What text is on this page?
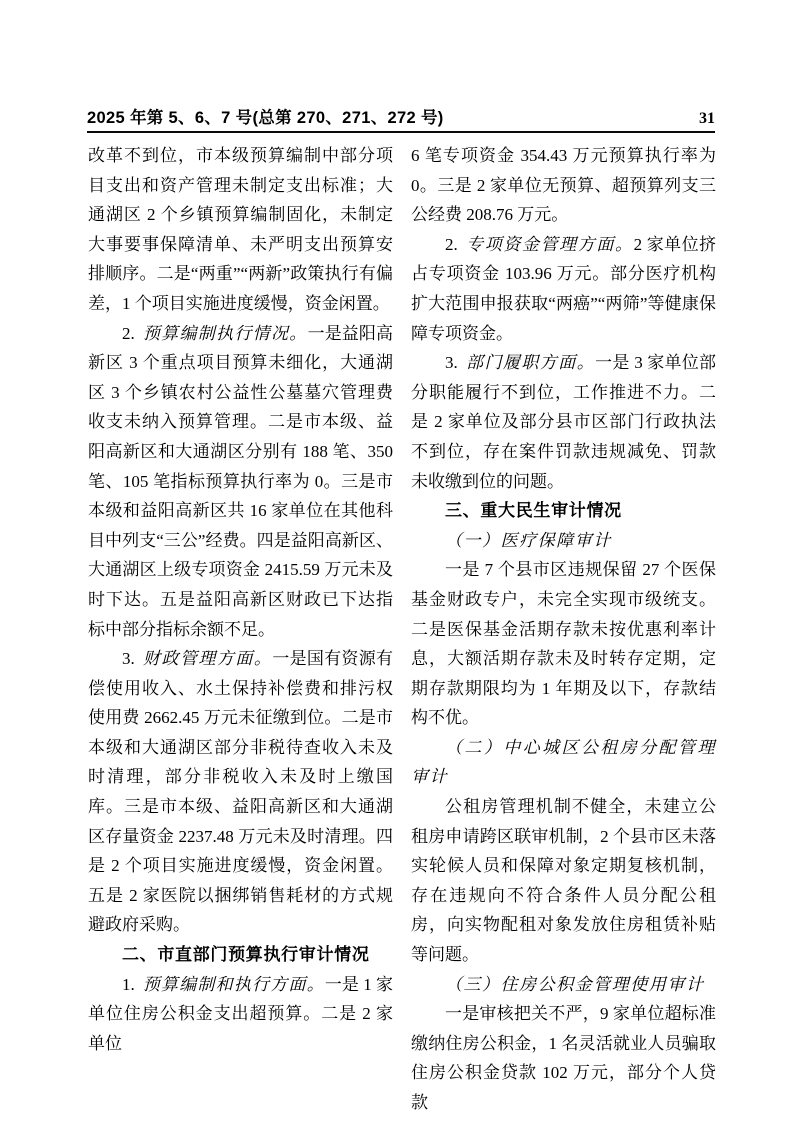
2025 年第 5、6、7 号(总第 270、271、272 号)	31

改革不到位，市本级预算编制中部分项目支出和资产管理未制定支出标准；大通湖区 2 个乡镇预算编制固化，未制定大事要事保障清单、未严明支出预算安排顺序。二是“两重”“两新”政策执行有偏差，1 个项目实施进度缓慢，资金闲置。

2. 预算编制执行情况。一是益阳高新区 3 个重点项目预算未细化，大通湖区 3 个乡镇农村公益性公墓墓穴管理费收支未纳入预算管理。二是市本级、益阳高新区和大通湖区分别有 188 笔、350 笔、105 笔指标预算执行率为 0。三是市本级和益阳高新区共 16 家单位在其他科目中列支“三公”经费。四是益阳高新区、大通湖区上级专项资金 2415.59 万元未及时下达。五是益阳高新区财政已下达指标中部分指标余额不足。

3. 财政管理方面。一是国有资源有偿使用收入、水土保持补偿费和排污权使用费 2662.45 万元未征缴到位。二是市本级和大通湖区部分非税待查收入未及时清理，部分非税收入未及时上缴国库。三是市本级、益阳高新区和大通湖区存量资金 2237.48 万元未及时清理。四是 2 个项目实施进度缓慢，资金闲置。五是 2 家医院以捆绑销售耗材的方式规避政府采购。

二、市直部门预算执行审计情况

1. 预算编制和执行方面。一是 1 家单位住房公积金支出超预算。二是 2 家单位

6 笔专项资金 354.43 万元预算执行率为 0。三是 2 家单位无预算、超预算列支三公经费 208.76 万元。

2. 专项资金管理方面。2 家单位挤占专项资金 103.96 万元。部分医疗机构扩大范围申报获取“两癌”“两筛”等健康保障专项资金。

3. 部门履职方面。一是 3 家单位部分职能履行不到位，工作推进不力。二是 2 家单位及部分县市区部门行政执法不到位，存在案件罚款违规减免、罚款未收缴到位的问题。

三、重大民生审计情况

（一）医疗保障审计

一是 7 个县市区违规保留 27 个医保基金财政专户，未完全实现市级统支。二是医保基金活期存款未按优惠利率计息，大额活期存款未及时转存定期，定期存款期限均为 1 年期及以下，存款结构不优。

（二）中心城区公租房分配管理审计

公租房管理机制不健全，未建立公租房申请跨区联审机制，2 个县市区未落实轮候人员和保障对象定期复核机制，存在违规向不符合条件人员分配公租房，向实物配租对象发放住房租赁补贴等问题。

（三）住房公积金管理使用审计

一是审核把关不严，9 家单位超标准缴纳住房公积金，1 名灵活就业人员骗取住房公积金贷款 102 万元，部分个人贷款
